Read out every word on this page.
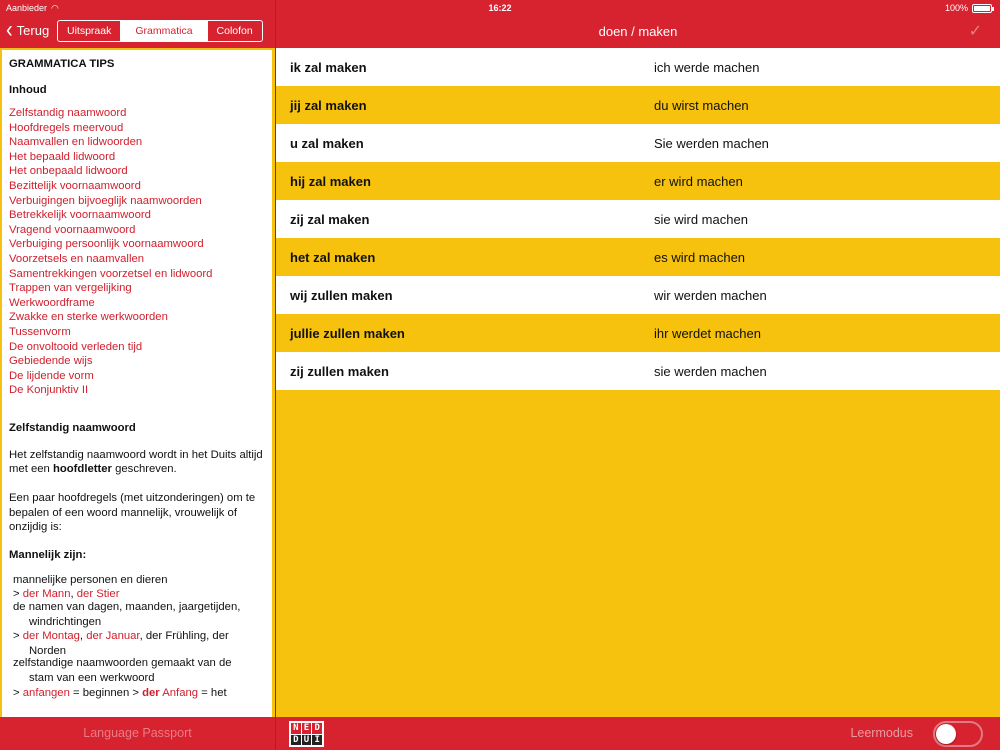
Aanbieder ◠	16:22	100%
‹ Terug	Uitspraak	Grammatica	Colofon	doen / maken	✓
GRAMMATICA TIPS
Inhoud
Zelfstandig naamwoord
Hoofdregels meervoud
Naamvallen en lidwoorden
Het bepaald lidwoord
Het onbepaald lidwoord
Bezittelijk voornaamwoord
Verbuigingen bijvoeglijk naamwoorden
Betrekkelijk voornaamwoord
Vragend voornaamwoord
Verbuiging persoonlijk voornaamwoord
Voorzetsels en naamvallen
Samentrekkingen voorzetsel en lidwoord
Trappen van vergelijking
Werkwoordframe
Zwakke en sterke werkwoorden
Tussenvorm
De onvoltooid verleden tijd
Gebiedende wijs
De lijdende vorm
De Konjunktiv II
Zelfstandig naamwoord
Het zelfstandig naamwoord wordt in het Duits altijd met een hoofdletter geschreven.
Een paar hoofdregels (met uitzonderingen) om te bepalen of een woord mannelijk, vrouwelijk of onzijdig is:
Mannelijk zijn:
mannelijke personen en dieren
> der Mann, der Stier
de namen van dagen, maanden, jaargetijden,
windrichtingen
> der Montag, der Januar, der Frühling, der
Norden
zelfstandige naamwoorden gemaakt van de
stam van een werkwoord
> anfangen = beginnen > der Anfang = het
ik zal maken	ich werde machen
jij zal maken	du wirst machen
u zal maken	Sie werden machen
hij zal maken	er wird machen
zij zal maken	sie wird machen
het zal maken	es wird machen
wij zullen maken	wir werden machen
jullie zullen maken	ihr werdet machen
zij zullen maken	sie werden machen
Language Passport	N E D
D U I	Leermodus
